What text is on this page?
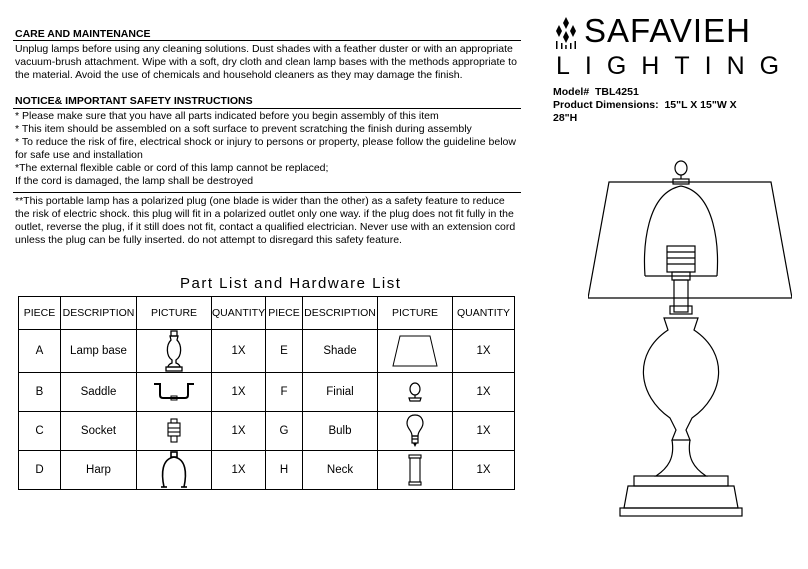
CARE AND MAINTENANCE
Unplug lamps before using any cleaning solutions. Dust shades with a feather duster or with an appropriate vacuum-brush attachment. Wipe with a soft, dry cloth and clean lamp bases with the methods appropriate to the material. Avoid the use of chemicals and household cleaners as they may damage the finish.
NOTICE& IMPORTANT SAFETY INSTRUCTIONS

* Please make sure that you have all parts indicated before you begin assembly of this item

* This item should be assembled on a soft surface to prevent scratching the finish during assembly

* To reduce the risk of fire, electrical shock or injury to persons or property, please follow the guideline below for safe use and installation

*The external flexible cable or cord of this lamp cannot be replaced;

If the cord is damaged, the lamp shall be destroyed

**This portable lamp has a polarized plug (one blade is wider than the other) as a safety feature to reduce the risk of electric shock. this plug will fit in a polarized outlet only one way. if the plug does not fit fully in the outlet, reverse the plug, if it still does not fit, contact a qualified electrician. Never use with an extension cord unless the plug can be fully inserted. do not attempt to disregard this safety feature.
SAFAVIEH
LIGHTING

Model# TBL4251

Product Dimensions: 15"L X 15"W X 28"H

Part List and Hardware List
PIECE	DESCRIPTION	PICTURE	QUANTITY	PIECE	DESCRIPTION	PICTURE	QUANTITY
A	Lamp base		1X	E	Shade		1X
B	Saddle		1X	F	Finial		1X
C	Socket		1X	G	Bulb		1X
D	Harp		1X	H	Neck		1X
